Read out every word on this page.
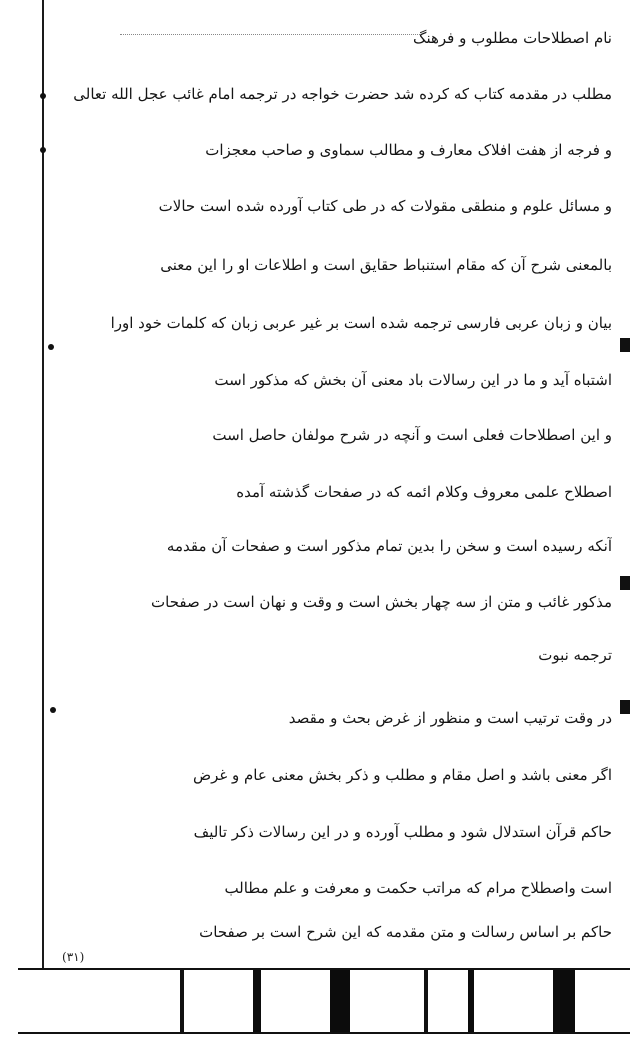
نام اصطلاحات مطلوب و فرهنگ
مطلب در مقدمه کتاب که کرده شد حضرت خواجه در ترجمه امام غائب عجل الله تعالی
و فرجه از هفت افلاک معارف و مطالب سماوی و صاحب معجزات
و مسائل علوم و منطقی مقولات که در طی کتاب آورده شده است حالات
بالمعنی شرح آن که مقام استنباط حقایق است و اطلاعات او را این معنی
بیان و زبان عربی فارسی ترجمه شده است بر غیر عربی زبان که کلمات خود اورا
اشتباه آید و ما در این رسالات باد معنی آن بخش که مذکور است
و این اصطلاحات فعلی است و آنچه در شرح مولفان حاصل است
اصطلاح علمی معروف وکلام ائمه که در صفحات گذشته آمده
آنکه رسیده است و سخن را بدین تمام مذکور است و صفحات آن مقدمه
مذکور غائب و متن از سه چهار بخش است و وقت و نهان است در صفحات
ترجمه نبوت
در وقت ترتیب است و منظور از غرض بحث و مقصد
اگر معنی باشد و اصل مقام و مطلب و ذکر بخش معنی عام و غرض
حاکم قرآن استدلال شود و مطلب آورده و در این رسالات ذکر تالیف
است واصطلاح مرام که مراتب حکمت و معرفت و علم مطالب
حاکم بر اساس رسالت و متن مقدمه که این شرح است بر صفحات
(٣١)
